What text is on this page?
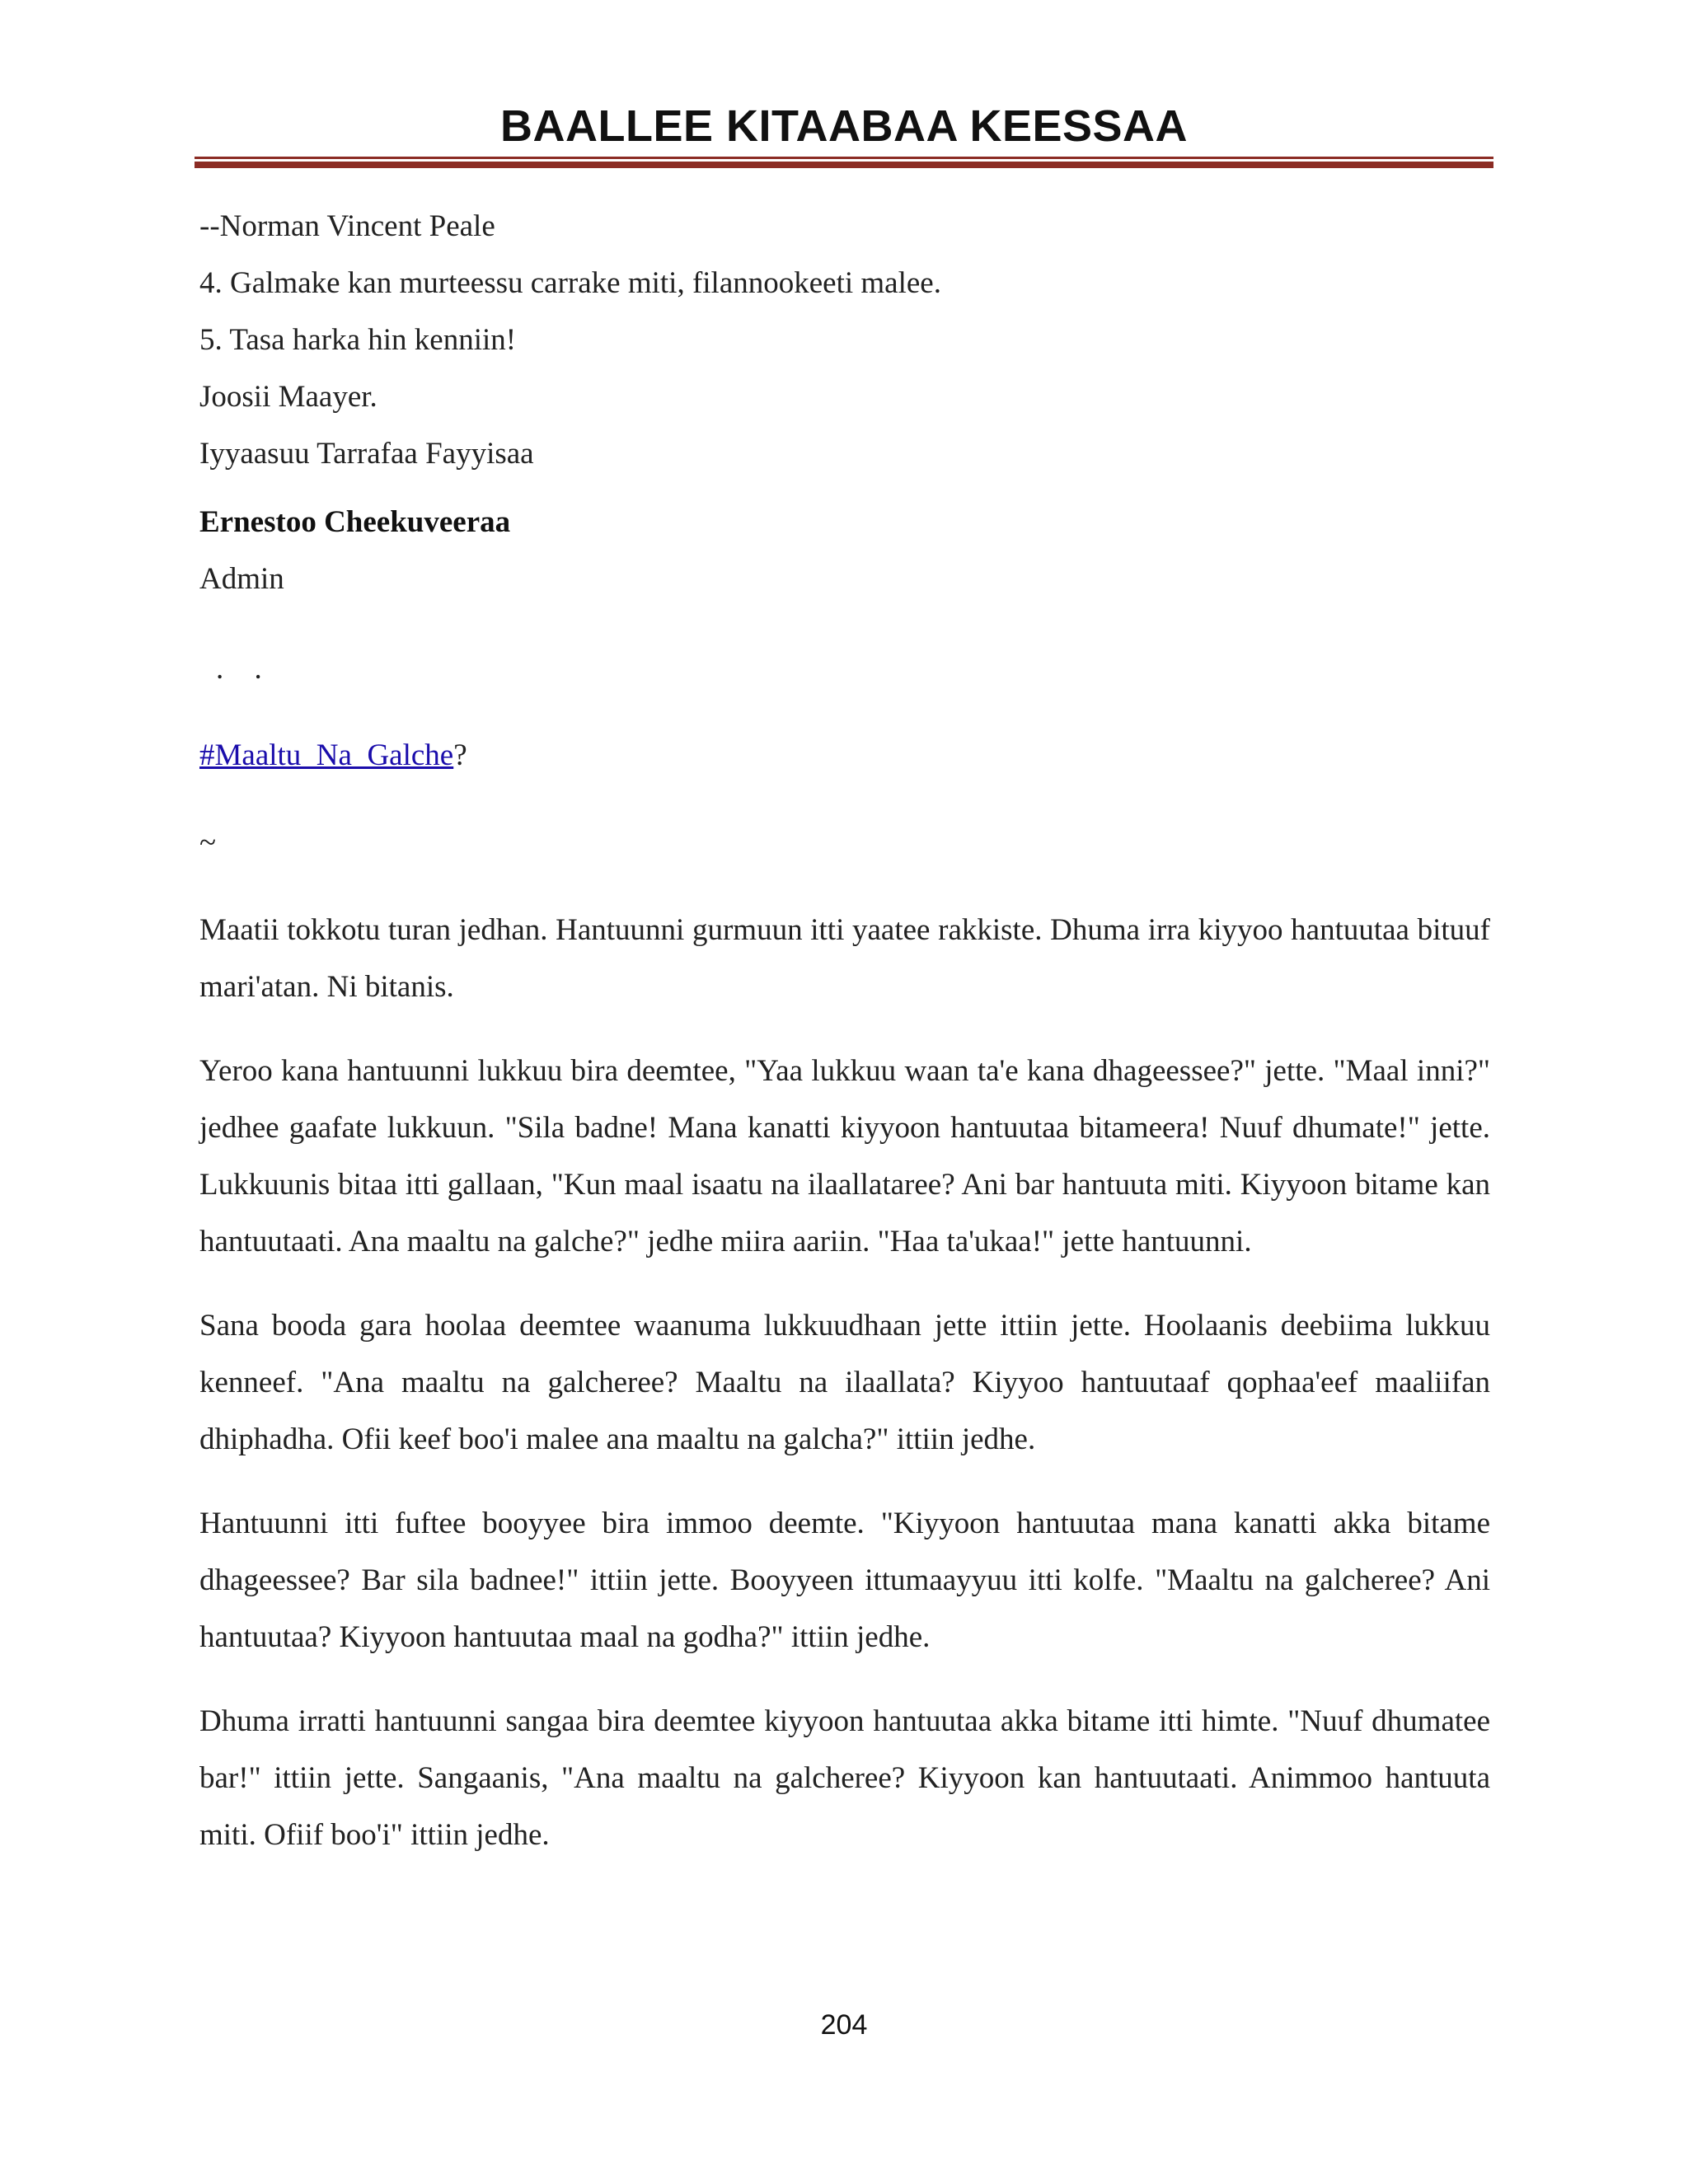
BAALLEE KITAABAA KEESSAA

--Norman Vincent Peale

4. Galmake kan murteessu carrake miti, filannookeeti malee.

5. Tasa harka hin kenniin!

Joosii Maayer.

Iyyaasuu Tarrafaa Fayyisaa

Ernestoo Cheekuveeraa

Admin

. .

#Maaltu_Na_Galche?

~

Maatii tokkotu turan jedhan. Hantuunni gurmuun itti yaatee rakkiste. Dhuma irra kiyyoo hantuutaa bituuf mari'atan. Ni bitanis.

Yeroo kana hantuunni lukkuu bira deemtee, "Yaa lukkuu waan ta'e kana dhageessee?" jette. "Maal inni?" jedhee gaafate lukkuun. "Sila badne! Mana kanatti kiyyoon hantuutaa bitameera! Nuuf dhumate!" jette. Lukkuunis bitaa itti gallaan, "Kun maal isaatu na ilaallataree? Ani bar hantuuta miti. Kiyyoon bitame kan hantuutaati. Ana maaltu na galche?" jedhe miira aariin. "Haa ta'ukaa!" jette hantuunni.

Sana booda gara hoolaa deemtee waanuma lukkuudhaan jette ittiin jette. Hoolaanis deebiima lukkuu kenneef. "Ana maaltu na galcheree? Maaltu na ilaallata? Kiyyoo hantuutaaf qophaa'eef maaliifan dhiphadha. Ofii keef boo'i malee ana maaltu na galcha?" ittiin jedhe.

Hantuunni itti fuftee booyyee bira immoo deemte. "Kiyyoon hantuutaa mana kanatti akka bitame dhageessee? Bar sila badnee!" ittiin jette. Booyyeen ittumaayyuu itti kolfe. "Maaltu na galcheree? Ani hantuutaa? Kiyyoon hantuutaa maal na godha?" ittiin jedhe.

Dhuma irratti hantuunni sangaa bira deemtee kiyyoon hantuutaa akka bitame itti himte. "Nuuf dhumatee bar!" ittiin jette. Sangaanis, "Ana maaltu na galcheree? Kiyyoon kan hantuutaati. Animmoo hantuuta miti. Ofiif boo'i" ittiin jedhe.

204
